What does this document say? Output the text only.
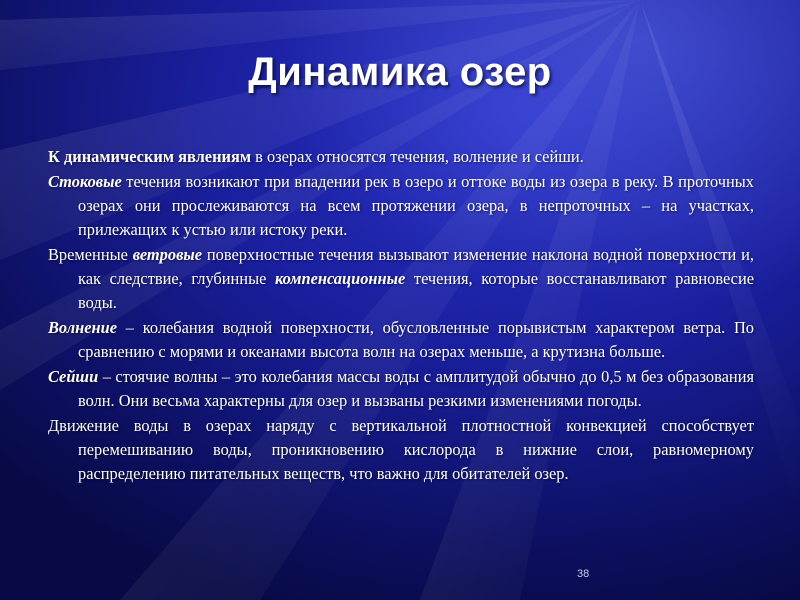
Динамика озер

К динамическим явлениям в озерах относятся течения, волнение и сейши.

Стоковые течения возникают при впадении рек в озеро и оттоке воды из озера в реку. В проточных озерах они прослеживаются на всем протяжении озера, в непроточных – на участках, прилежащих к устью или истоку реки.

Временные ветровые поверхностные течения вызывают изменение наклона водной поверхности и, как следствие, глубинные компенсационные течения, которые восстанавливают равновесие воды.

Волнение – колебания водной поверхности, обусловленные порывистым характером ветра. По сравнению с морями и океанами высота волн на озерах меньше, а крутизна больше.

Сейши – стоячие волны – это колебания массы воды с амплитудой обычно до 0,5 м без образования волн. Они весьма характерны для озер и вызваны резкими изменениями погоды.

Движение воды в озерах наряду с вертикальной плотностной конвекцией способствует перемешиванию воды, проникновению кислорода в нижние слои, равномерному распределению питательных веществ, что важно для обитателей озер.

38
